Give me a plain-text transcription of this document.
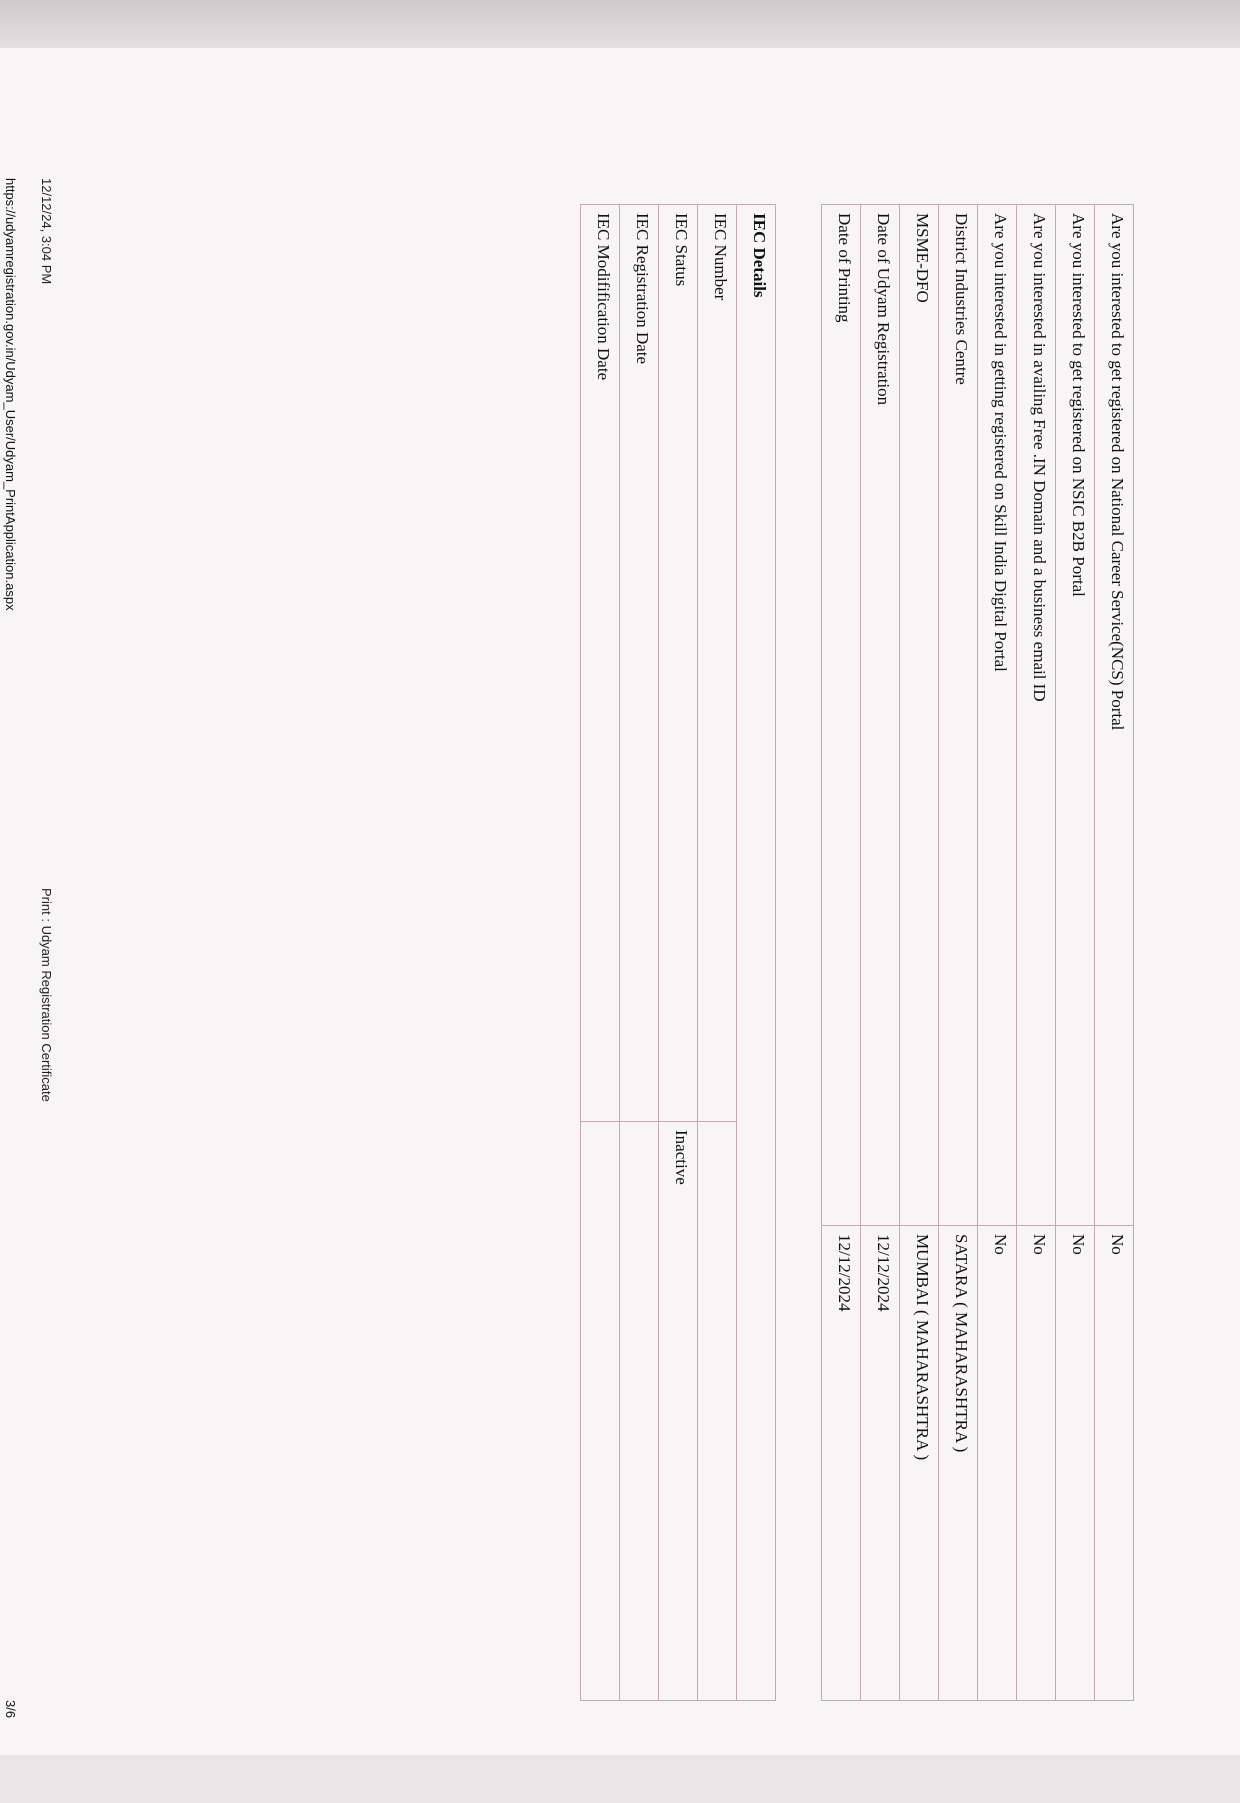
12/12/24, 3:04 PM
Print : Udyam Registration Certificate
Are you interested to get registered on National Career Service(NCS) Portal	No
Are you interested to get registered on NSIC B2B Portal	No
Are you interested in availing Free .IN Domain and a business email ID	No
Are you interested in getting registered on Skill India Digital Portal	No
District Industries Centre	SATARA ( MAHARASHTRA )
MSME-DFO	MUMBAI ( MAHARASHTRA )
Date of Udyam Registration	12/12/2024
Date of Printing	12/12/2024
IEC Details	
IEC Number	
IEC Status	Inactive
IEC Registration Date	
IEC Modifification Date	
https://udyamregistration.gov.in/Udyam_User/Udyam_PrintApplication.aspx
3/6
